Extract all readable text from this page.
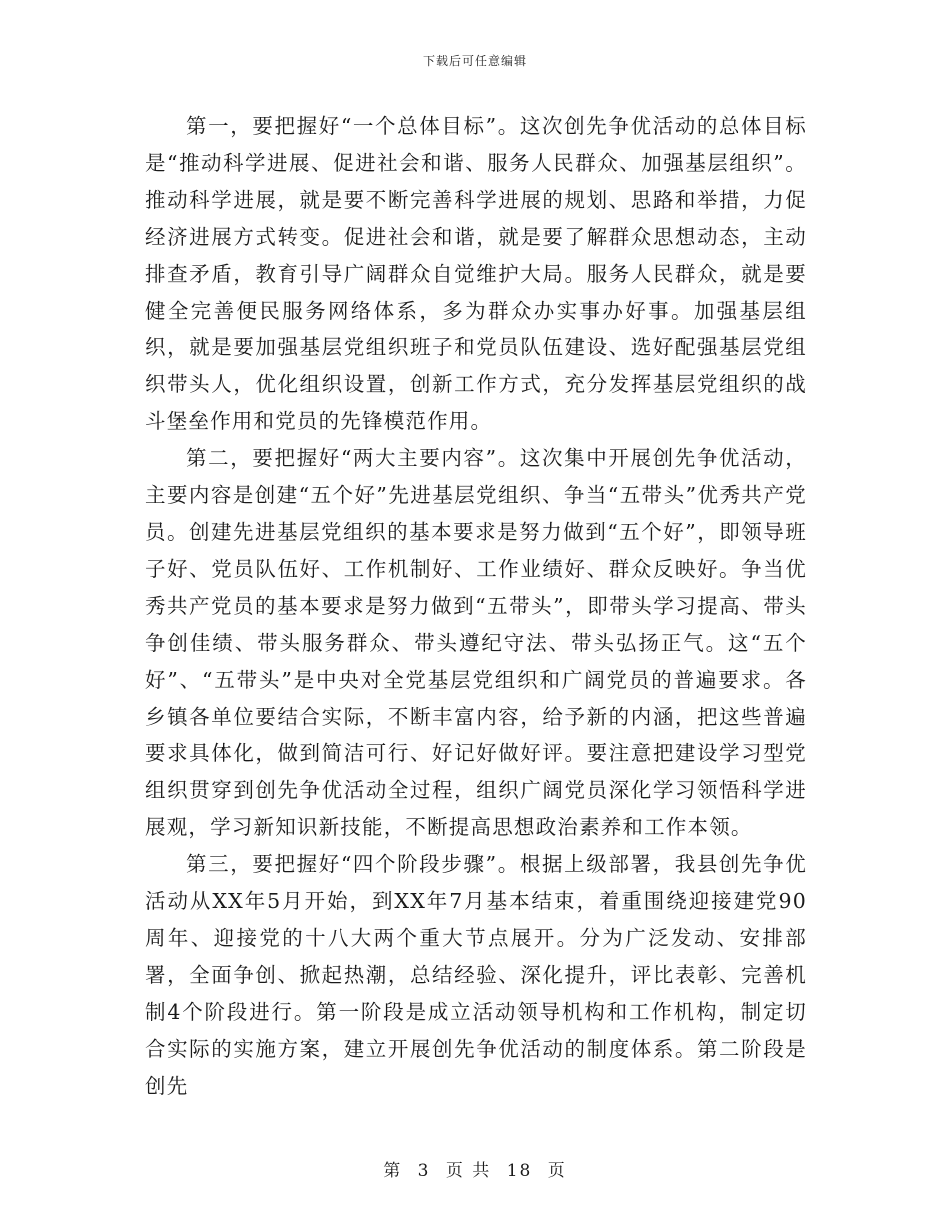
下载后可任意编辑

第一，要把握好“一个总体目标”。这次创先争优活动的总体目标是“推动科学进展、促进社会和谐、服务人民群众、加强基层组织”。推动科学进展，就是要不断完善科学进展的规划、思路和举措，力促经济进展方式转变。促进社会和谐，就是要了解群众思想动态，主动排查矛盾，教育引导广阔群众自觉维护大局。服务人民群众，就是要健全完善便民服务网络体系，多为群众办实事办好事。加强基层组织，就是要加强基层党组织班子和党员队伍建设、选好配强基层党组织带头人，优化组织设置，创新工作方式，充分发挥基层党组织的战斗堡垒作用和党员的先锋模范作用。

第二，要把握好“两大主要内容”。这次集中开展创先争优活动，主要内容是创建“五个好”先进基层党组织、争当“五带头”优秀共产党员。创建先进基层党组织的基本要求是努力做到“五个好”，即领导班子好、党员队伍好、工作机制好、工作业绩好、群众反映好。争当优秀共产党员的基本要求是努力做到“五带头”，即带头学习提高、带头争创佳绩、带头服务群众、带头遵纪守法、带头弘扬正气。这“五个好”、“五带头”是中央对全党基层党组织和广阔党员的普遍要求。各乡镇各单位要结合实际，不断丰富内容，给予新的内涵，把这些普遍要求具体化，做到简洁可行、好记好做好评。要注意把建设学习型党组织贯穿到创先争优活动全过程，组织广阔党员深化学习领悟科学进展观，学习新知识新技能，不断提高思想政治素养和工作本领。

第三，要把握好“四个阶段步骤”。根据上级部署，我县创先争优活动从XX年5月开始，到XX年7月基本结束，着重围绕迎接建党90周年、迎接党的十八大两个重大节点展开。分为广泛发动、安排部署，全面争创、掀起热潮，总结经验、深化提升，评比表彰、完善机制4个阶段进行。第一阶段是成立活动领导机构和工作机构，制定切合实际的实施方案，建立开展创先争优活动的制度体系。第二阶段是创先

第 3 页 共 18 页
